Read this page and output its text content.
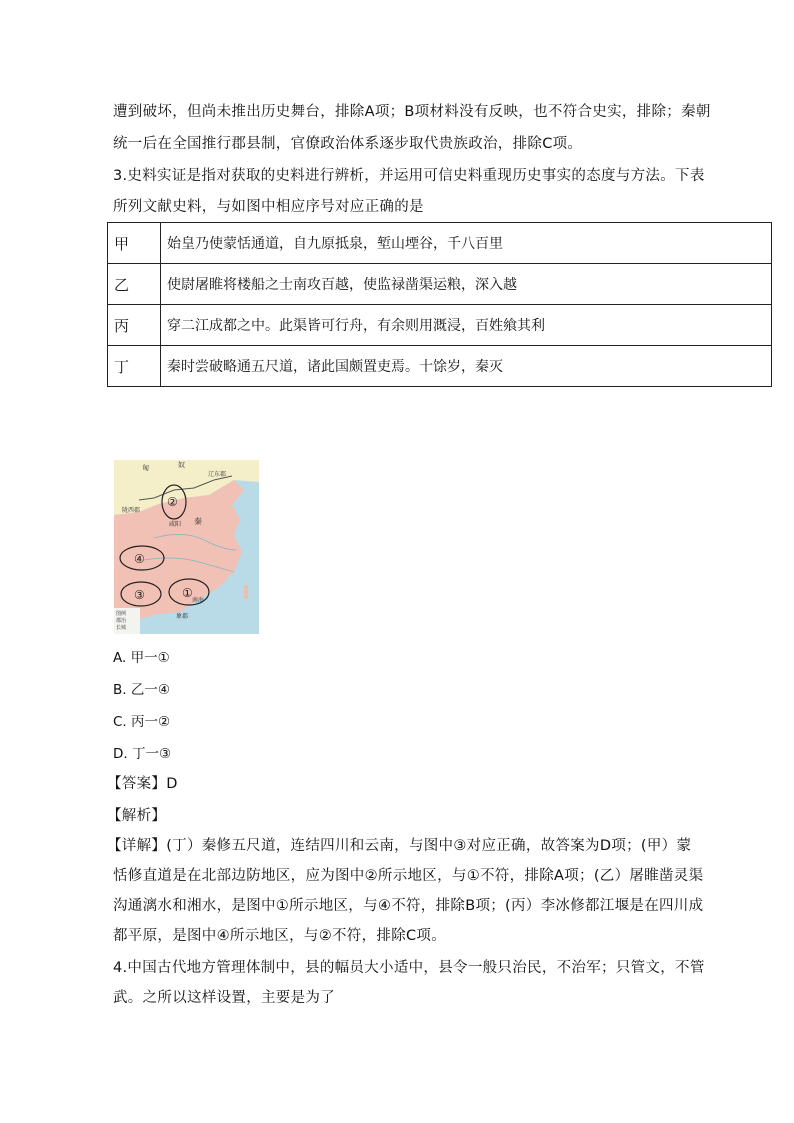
遭到破坏，但尚未推出历史舞台，排除A项；B项材料没有反映，也不符合史实，排除；秦朝
统一后在全国推行郡县制，官僚政治体系逐步取代贵族政治，排除C项。
3.史料实证是指对获取的史料进行辨析，并运用可信史料重现历史事实的态度与方法。下表
所列文献史料，与如图中相应序号对应正确的是
甲	始皇乃使蒙恬通道，自九原抵泉，堑山堙谷，千八百里
乙	使尉屠睢将楼船之士南攻百越，使监禄凿渠运粮，深入越
丙	穿二江成都之中。此渠皆可行舟，有余则用溉浸，百姓飨其利
丁	秦时尝破略通五尺道，诸此国颇置吏焉。十馀岁，秦灭
匈	奴
辽东郡
陇西郡
咸阳 秦
南海
象郡
②
④
③	①
图例
郡治
长城
A. 甲一①
B. 乙一④
C. 丙一②
D. 丁一③
【答案】D
【解析】
【详解】(丁）秦修五尺道，连结四川和云南，与图中③对应正确，故答案为D项；(甲）蒙
恬修直道是在北部边防地区，应为图中②所示地区，与①不符，排除A项；(乙）屠睢凿灵渠
沟通漓水和湘水，是图中①所示地区，与④不符，排除B项；(丙）李冰修都江堰是在四川成
都平原，是图中④所示地区，与②不符，排除C项。
4.中国古代地方管理体制中，县的幅员大小适中，县令一般只治民，不治军；只管文，不管
武。之所以这样设置，主要是为了
